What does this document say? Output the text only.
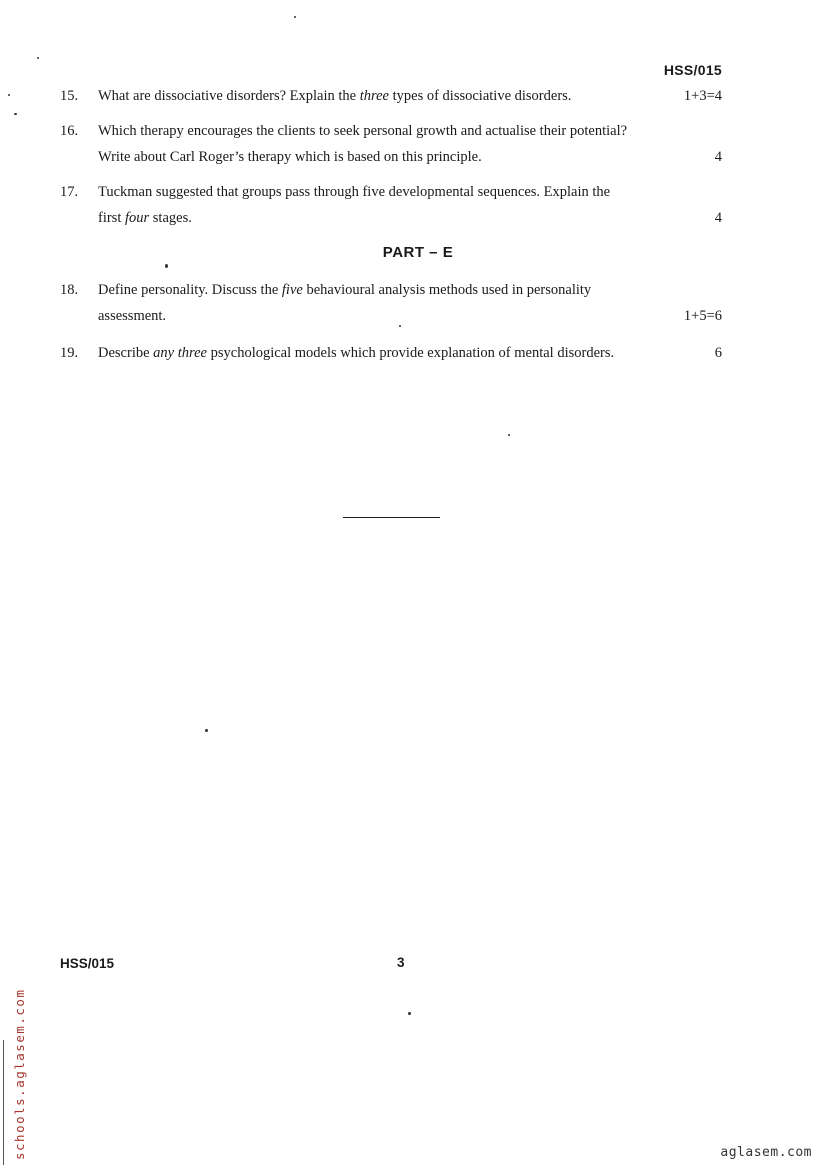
HSS/015
15.	What are dissociative disorders? Explain the three types of dissociative disorders.	1+3=4
16.	Which therapy encourages the clients to seek personal growth and actualise their potential?
Write about Carl Roger’s therapy which is based on this principle.	4
17.	Tuckman suggested that groups pass through five developmental sequences. Explain the
first four stages.	4
PART – E
18.	Define personality. Discuss the five behavioural analysis methods used in personality
assessment.	1+5=6
19.	Describe any three psychological models which provide explanation of mental disorders.	6
HSS/015	3
schools.aglasem.com	aglasem.com
